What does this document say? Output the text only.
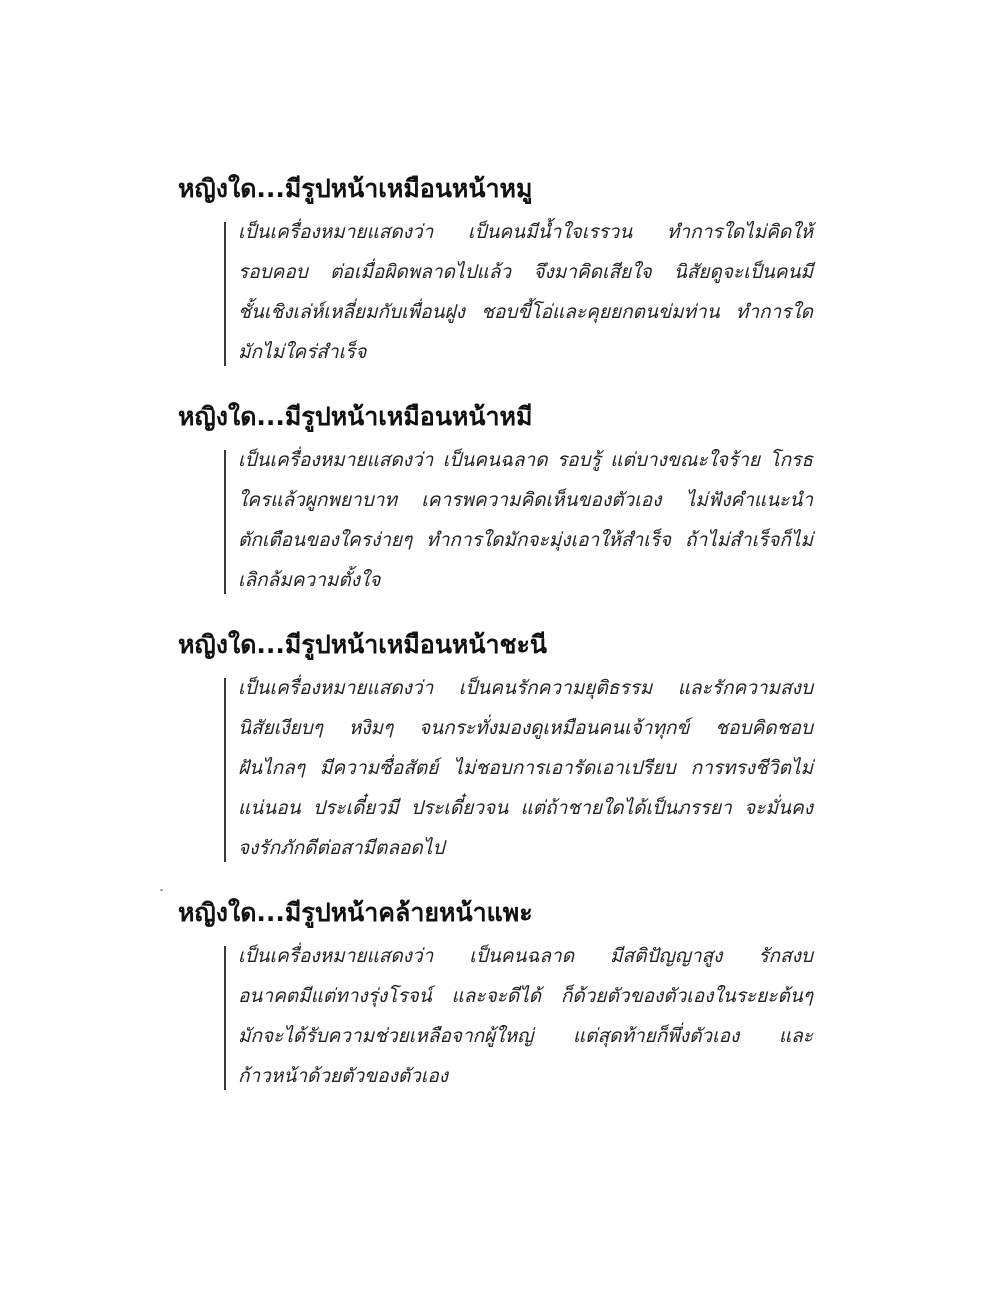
หญิงใด...มีรูปหน้าเหมือนหน้าหมู
เป็นเครื่องหมายแสดงว่า เป็นคนมีน้ำใจเรรวน ทำการใดไม่คิดให้
รอบคอบ ต่อเมื่อผิดพลาดไปแล้ว จึงมาคิดเสียใจ นิสัยดูจะเป็นคนมี
ชั้นเชิงเล่ห์เหลี่ยมกับเพื่อนฝูง ชอบขี้โอ่และคุยยกตนข่มท่าน ทำการใด
มักไม่ใคร่สำเร็จ
หญิงใด...มีรูปหน้าเหมือนหน้าหมี
เป็นเครื่องหมายแสดงว่า เป็นคนฉลาด รอบรู้ แต่บางขณะใจร้าย โกรธ
ใครแล้วผูกพยาบาท เคารพความคิดเห็นของตัวเอง ไม่ฟังคำแนะนำ
ตักเตือนของใครง่ายๆ ทำการใดมักจะมุ่งเอาให้สำเร็จ ถ้าไม่สำเร็จก็ไม่
เลิกล้มความตั้งใจ
หญิงใด...มีรูปหน้าเหมือนหน้าชะนี
เป็นเครื่องหมายแสดงว่า เป็นคนรักความยุติธรรม และรักความสงบ
นิสัยเงียบๆ หงิมๆ จนกระทั่งมองดูเหมือนคนเจ้าทุกข์ ชอบคิดชอบ
ฝันไกลๆ มีความซื่อสัตย์ ไม่ชอบการเอารัดเอาเปรียบ การทรงชีวิตไม่
แน่นอน ประเดี๋ยวมี ประเดี๋ยวจน แต่ถ้าชายใดได้เป็นภรรยา จะมั่นคง
จงรักภักดีต่อสามีตลอดไป
หญิงใด...มีรูปหน้าคล้ายหน้าแพะ
เป็นเครื่องหมายแสดงว่า เป็นคนฉลาด มีสติปัญญาสูง รักสงบ
อนาคตมีแต่ทางรุ่งโรจน์ และจะดีได้ ก็ด้วยตัวของตัวเองในระยะต้นๆ
มักจะได้รับความช่วยเหลือจากผู้ใหญ่ แต่สุดท้ายก็พึ่งตัวเอง และ
ก้าวหน้าด้วยตัวของตัวเอง
